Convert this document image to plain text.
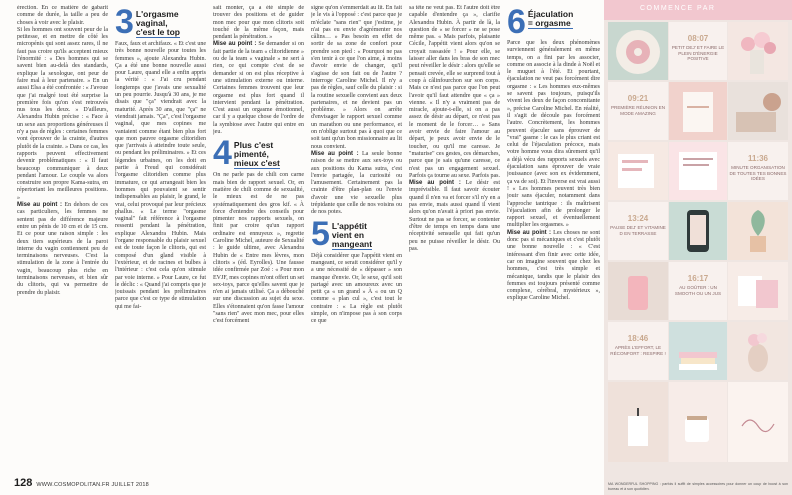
érection. En ce matière de gabarit comme de durée, la taille a peu de choses à voir avec le plaisir.

Si les hommes ont souvent peur de la petitesse, et en mettre de côté les micropénis qui sont assez rares, il ne faut pas croire qu'ils acceptent mieux l'énormité : « Des hommes qui se savent bien au-delà des standards, explique la sexologue, ont peur de faire mal à leur partenaire. » En un aussi Elsa a été confrontée : « J'avoue que j'ai malgré tout été surprise la première fois qu'on s'est retrouvés nus tous les deux. » D'ailleurs, Alexandra Hubin précise : « Face à un sexe aux proportions généreuses il n'y a pas de règles : certaines femmes vont éprouver de la crainte, d'autres plutôt de la crainte. » Dans ce cas, les rapports peuvent effectivement devenir problématiques : « Il faut beaucoup communiquer à deux pendant l'amour. Le couple va alors construire son propre Kama-sutra, en répertoriant les meilleures positions. »

Mise au point : En dehors de ces cas particuliers, les femmes ne sentent pas de différence majeure entre un pénis de 10 cm et de 15 cm. Et ce pour une raison simple : les deux tiers supérieurs de la paroi interne du vagin contiennent peu de terminaisons nerveuses. C'est la stimulation de la zone à l'entrée du vagin, beaucoup plus riche en terminaisons nerveuses, et bien sûr du clitoris, qui va permettre de prendre du plaisir.

3 L'orgasme
vaginal,
c'est le top

Faux, faux et archifaux. « Et c'est une très bonne nouvelle pour toutes les femmes », ajoute Alexandra Hubin. Ça a été une bonne nouvelle aussi pour Laure, quand elle a enfin appris la vérité : « J'ai cru pendant longtemps que j'avais une sexualité un peu pourrie. Jusqu'à 30 ans, je me disais que "ça" viendrait avec la maturité. Après 30 ans, que "ça" ne viendrait jamais. "Ça", c'est l'orgasme vaginal, que mes copines me vantaient comme étant bien plus fort que mon pauvre orgasme clitoridien que j'arrivais à atteindre toute seule, ou pendant les préliminaires. » Et ces légendes urbaines, on les doit en partie à Freud qui considérait l'orgasme clitoridien comme plus immature, ce qui arrangeait bien les hommes qui pouvaient se sentir indispensables au plaisir, le grand, le vrai, celui provoqué par leur précieux phallus. « Le terme "orgasme vaginal" fait référence à l'orgasme ressenti pendant la pénétration, explique Alexandra Hubin. Mais l'organe responsable du plaisir sexuel est de toute façon le clitoris, qui est composé d'un gland visible à l'extérieur, et de racines et bulbes à l'intérieur : c'est cela qu'on stimule par voie interne. » Pour Laure, ce fut le déclic : « Quand j'ai compris que je jouissais pendant les préliminaires parce que c'est ce type de stimulation qui me fai-

sait monter, ça a été simple de trouver des positions et de guider mon mec pour que mon clitoris soit touché de la même façon, mais pendant la pénétration. »

Mise au point : Se demander si on fait partie de la team « clitoridienne » ou de la team « vaginale » ne sert à rien, ce qui compte c'est de se demander si on est plus réceptive à une stimulation externe ou interne. Certaines femmes trouvent que leur orgasme est plus fort quand il intervient pendant la pénétration. C'est aussi un orgasme émotionnel, car il y a quelque chose de l'ordre de la symbiose avec l'autre qui entre en jeu.

4 Plus c'est
pimenté,
mieux c'est

On ne parle pas de chili con carne mais bien de rapport sexuel. Or, en matière de chili comme de sexualité, le mieux est de ne pas systématiquement des gros kif. « À force d'entendre des conseils pour pimenter nos rapports sexuels, on finit par croire qu'un rapport ordinaire est ennuyeux », regrette Caroline Michel, auteure de Sexualité : le guide ultime, avec Alexandra Hubin de « Entre mes lèvres, mon clitoris » (éd. Eyrolles). Une fausse idée confirmée par Zoé : « Pour mon EVJF, mes copines m'ont offert un set sex-toys, parce qu'elles savent que je n'en ai jamais utilisé. Ça a débouché sur une discussion au sujet du sexe. Elles s'étonnaient qu'on fasse l'amour "sans rien" avec mon mec, pour elles c'est forcément

signe qu'on s'emmerdait au lit. En fait je le vis à l'opposé : c'est parce que je m'éclate "sans rien" que j'estime, je n'ai pas eu envie d'agrémenter nos câlins… » Pas besoin en effet de sortir de sa zone de confort pour prendre son pied : « Pourquoi ne pas s'en tenir à ce que l'on aime, à moins d'avoir envie de changer, qu'il s'agisse de son fait ou de l'autre ? interroge Caroline Michel. Il n'y a pas de règles, sauf celle du plaisir : si la routine sexuelle convient aux deux partenaires, et ne devient pas un problème. » Alors on arrête d'envisager le rapport sexuel comme un marathon ou une performance, et on n'oblige surtout pas à quoi que ce soit tant qu'un bon missionnaire au lit nous convient.

Mise au point : La seule bonne raison de se mettre aux sex-toys ou aux positions du Kama sutra, c'est l'envie partagée, la curiosité ou l'amusement. Certainement pas la crainte d'être plan-plan ou l'envie d'avoir une vie sexuelle plus trépidante que celle de nos voisins ou de nos potes.

5 L'appétit
vient en
mangeant

Déjà considérer que l'appétit vient en mangeant, ce serait considérer qu'il y a une nécessité de « dépasser » son manque d'envie. Or, le sexe, qu'il soit partagé avec un amoureux avec un petit ça « un grand » À « ou un Q comme « plan cul », c'est tout le contraire : « La règle est plutôt simple, on n'impose pas à son corps ce que

sa tête ne veut pas. Et l'autre doit être capable d'entendre ça », clarifie Alexandra Hubin. À partir de là, la question de « se forcer » ne se pose même pas. « Mais parfois, plaisante Cécile, l'appétit vient alors qu'on se croyait rassasiée ! » Pour elle, se laisser aller dans les bras de son mec peut réveiller le désir : alors qu'elle se pensait crevée, elle se surprend tout à coup à câlinfourchon sur son corps. Mais ce n'est pas parce que l'on peut l'avoir qu'il faut attendre que « ça » vienne. « Il n'y a vraiment pas de miracle, ajoute-t-elle, si on a pas assez de désir au départ, ce n'est pas le moment de le forcer… » Sans avoir envie de faire l'amour au départ, je peux avoir envie de le toucher, ou qu'il me caresse. Je "maturise" ces gestes, ces démarches, parce que je sais qu'une caresse, ce n'est pas un engagement sexuel. Parfois ça tourne au sexe. Parfois pas.

Mise au point : Le désir est imprévisible. Il faut savoir écouter quand il n'en va et forcer s'il n'y en a pas envie, mais aussi quand il vient alors qu'on n'avait à priori pas envie. Surtout ne pas se forcer, se contenter d'être de temps en temps dans une réceptivité sensuelle qui fait qu'un peu ne puisse réveiller le désir. Ou pas.

6 Éjaculation
= orgasme

Parce que les deux phénomènes surviennent généralement en même temps, on a fini par les associer, comme on associe à la dinde à Noël et le muguet à l'été. Et pourtant, éjaculation ne veut pas forcément dire orgasme : « Les hommes eux-mêmes se savent pas toujours, puisqu'ils vivent les deux de façon concomitante », précise Caroline Michel. En réalité, il s'agit de découle pas forcément l'autre. Concrètement, les hommes peuvent éjaculer sans éprouver de "vrai" gasme : le cas le plus criant est celui de l'éjaculation précoce, mais votre homme vous dira sûrement qu'il a déjà vécu des rapports sexuels avec éjaculation sans éprouver de vraie jouissance (avec son ex évidemment, ça va de soi). Et l'inverse est vrai aussi ! « Les hommes peuvent très bien jouir sans éjaculer, notamment dans l'approche tantrique : ils maîtrisent l'éjaculation afin de prolonger le rapport sexuel, et éventuellement multiplier les orgasmes. »

Mise au point : Les choses ne sont donc pas si mécaniques et c'est plutôt une bonne nouvelle : « C'est intéressant d'en finir avec cette idée, car on imagine souvent que chez les hommes, c'est très simple et mécanique, tandis que le plaisir des femmes est toujours présenté comme complexe, cérébral, mystérieux », explique Caroline Michel.

128 WWW.COSMOPOLITAN.FR JUILLET 2018
COMMENCE PAR
08:07
PETIT DEJ' ET FAIRE LE PLEIN D'ÉNERGIE POSITIVE
09:21
PREMIÈRE RÉUNION EN MODE AMAZING
11:36
MINUTE ORGANISATION DE TOUTES TES BONNES IDÉES
13:24
PAUSE DEJ' ET VITAMINE D EN TERRASSE
16:17
AU GOÛTER : UN SMOOTH OU UN JUS
18:46
APRÈS L'EFFORT, LE RÉCONFORT : RESPIRE !
MA WONDERFUL SHOPPING : parfois il suffit de simples accessoires pour donner un coup de boost à son bureau et à son quotidien.
